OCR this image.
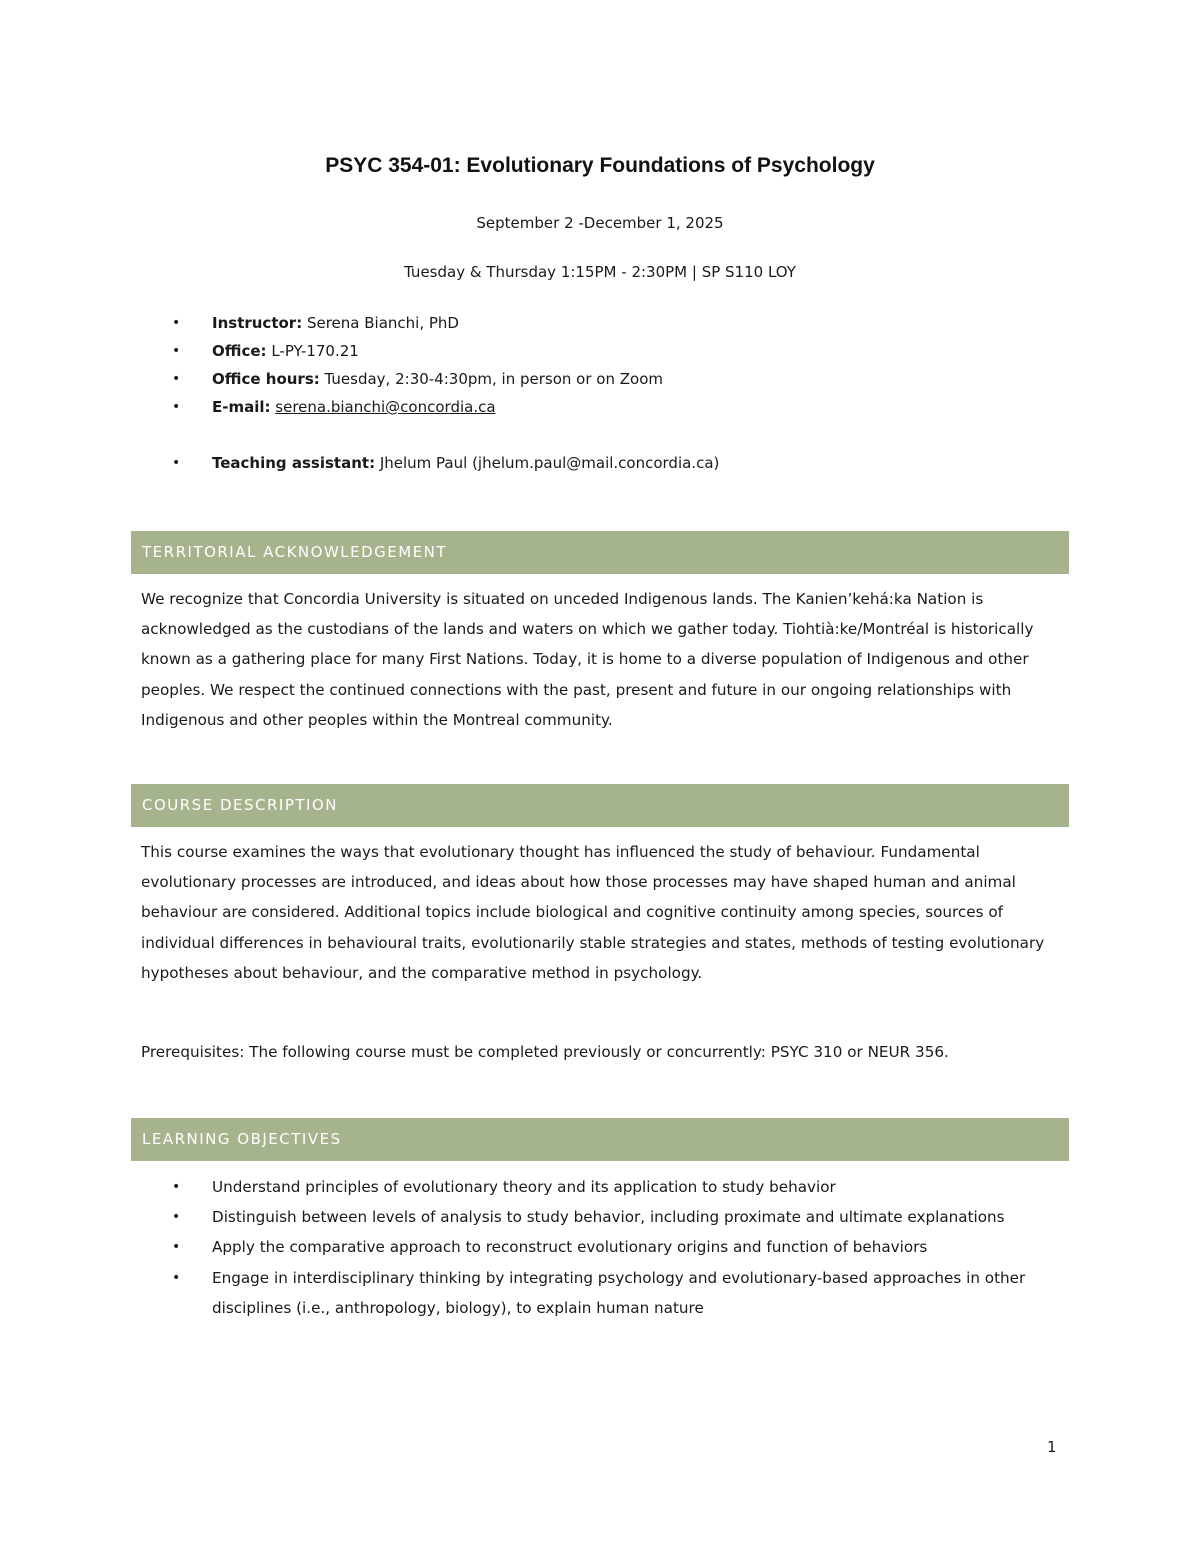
PSYC 354-01: Evolutionary Foundations of Psychology
September 2 -December 1, 2025
Tuesday & Thursday 1:15PM - 2:30PM | SP S110 LOY
• Instructor: Serena Bianchi, PhD
• Office: L-PY-170.21
• Office hours: Tuesday, 2:30-4:30pm, in person or on Zoom
• E-mail: serena.bianchi@concordia.ca
• Teaching assistant: Jhelum Paul (jhelum.paul@mail.concordia.ca)
TERRITORIAL ACKNOWLEDGEMENT

We recognize that Concordia University is situated on unceded Indigenous lands. The Kanien’kehá:ka Nation is acknowledged as the custodians of the lands and waters on which we gather today. Tiohtià:ke/Montréal is historically known as a gathering place for many First Nations. Today, it is home to a diverse population of Indigenous and other peoples. We respect the continued connections with the past, present and future in our ongoing relationships with Indigenous and other peoples within the Montreal community.

COURSE DESCRIPTION

This course examines the ways that evolutionary thought has influenced the study of behaviour. Fundamental evolutionary processes are introduced, and ideas about how those processes may have shaped human and animal behaviour are considered. Additional topics include biological and cognitive continuity among species, sources of individual differences in behavioural traits, evolutionarily stable strategies and states, methods of testing evolutionary hypotheses about behaviour, and the comparative method in psychology.

Prerequisites: The following course must be completed previously or concurrently: PSYC 310 or NEUR 356.

LEARNING OBJECTIVES
• Understand principles of evolutionary theory and its application to study behavior
• Distinguish between levels of analysis to study behavior, including proximate and ultimate explanations
• Apply the comparative approach to reconstruct evolutionary origins and function of behaviors
• Engage in interdisciplinary thinking by integrating psychology and evolutionary-based approaches in other disciplines (i.e., anthropology, biology), to explain human nature
1
